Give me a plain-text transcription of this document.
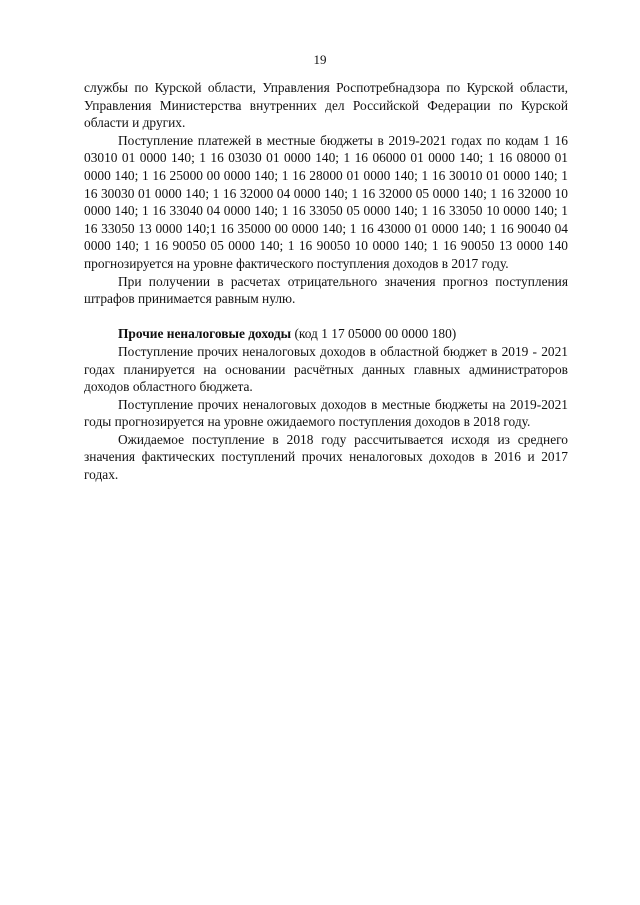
19

службы по Курской области, Управления Роспотребнадзора по Курской области, Управления Министерства внутренних дел Российской Федерации по Курской области и других.

Поступление платежей в местные бюджеты в 2019-2021 годах по кодам 1 16 03010 01 0000 140; 1 16 03030 01 0000 140; 1 16 06000 01 0000 140; 1 16 08000 01 0000 140; 1 16 25000 00 0000 140; 1 16 28000 01 0000 140; 1 16 30010 01 0000 140; 1 16 30030 01 0000 140; 1 16 32000 04 0000 140; 1 16 32000 05 0000 140; 1 16 32000 10 0000 140; 1 16 33040 04 0000 140; 1 16 33050 05 0000 140; 1 16 33050 10 0000 140; 1 16 33050 13 0000 140;1 16 35000 00 0000 140; 1 16 43000 01 0000 140; 1 16 90040 04 0000 140; 1 16 90050 05 0000 140; 1 16 90050 10 0000 140; 1 16 90050 13 0000 140 прогнозируется на уровне фактического поступления доходов в 2017 году.

При получении в расчетах отрицательного значения прогноз поступления штрафов принимается равным нулю.

Прочие неналоговые доходы (код 1 17 05000 00 0000 180)

Поступление прочих неналоговых доходов в областной бюджет в 2019 - 2021 годах планируется на основании расчётных данных главных администраторов доходов областного бюджета.

Поступление прочих неналоговых доходов в местные бюджеты на 2019-2021 годы прогнозируется на уровне ожидаемого поступления доходов в 2018 году.

Ожидаемое поступление в 2018 году рассчитывается исходя из среднего значения фактических поступлений прочих неналоговых доходов в 2016 и 2017 годах.
